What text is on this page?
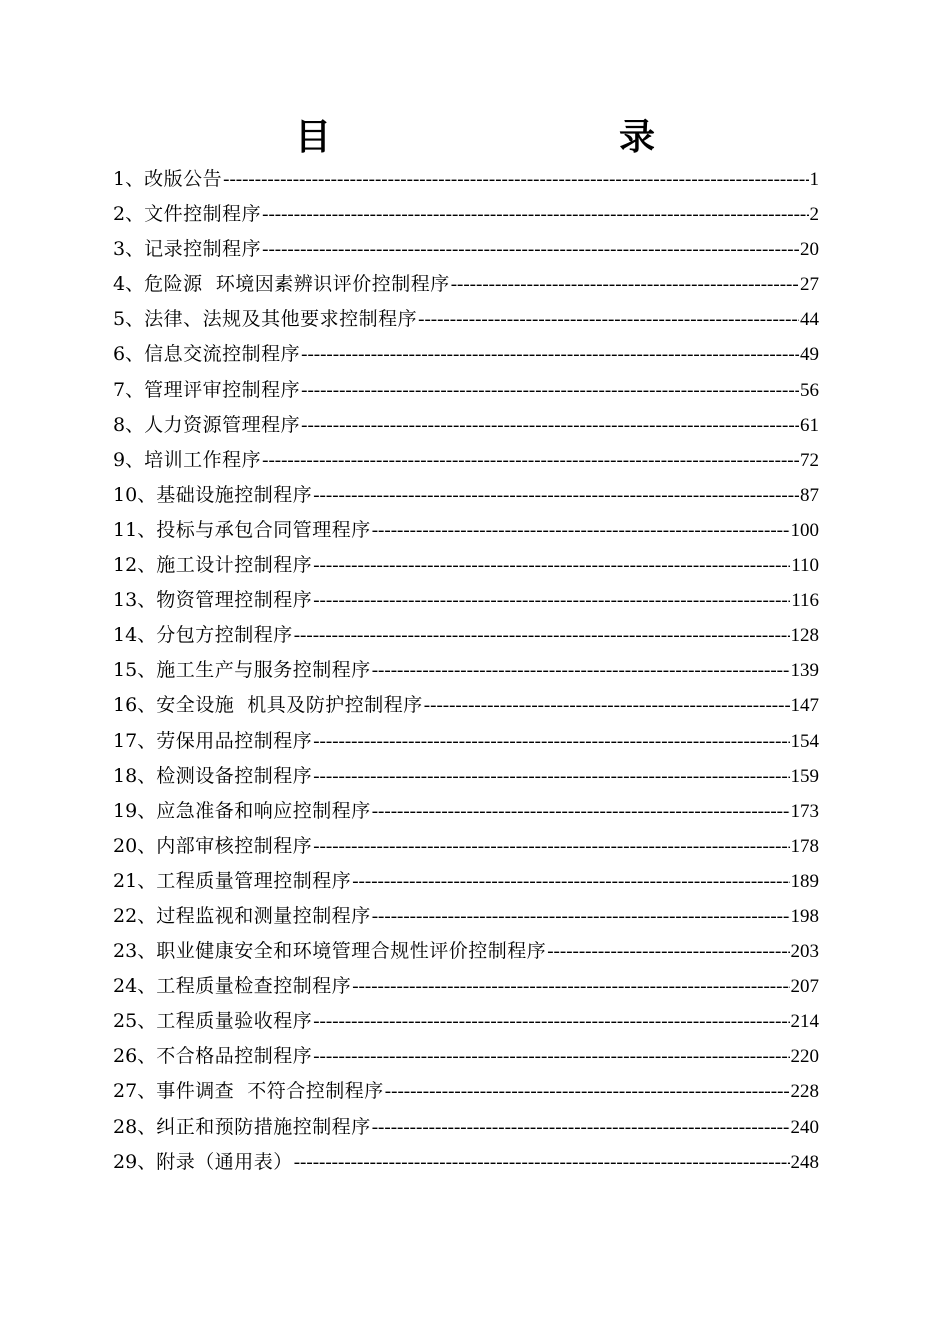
目　　录
1 、 改版公告 -----	1
2 、 文件控制程序 -----	2
3 、 记录控制程序 -----	20
4 、 危险源  环境因素辨识评价控制程序 -----	27
5 、 法律、法规及其他要求控制程序 -----	44
6 、 信息交流控制程序 -----	49
7 、 管理评审控制程序 -----	56
8 、 人力资源管理程序 -----	61
9 、 培训工作程序 -----	72
10 、 基础设施控制程序 -----	87
11 、 投标与承包合同管理程序 -----	100
12 、 施工设计控制程序 -----	110
13 、 物资管理控制程序 -----	116
14 、 分包方控制程序 -----	128
15 、 施工生产与服务控制程序 -----	139
16 、 安全设施  机具及防护控制程序 -----	147
17 、 劳保用品控制程序 -----	154
18 、 检测设备控制程序 -----	159
19 、 应急准备和响应控制程序 -----	173
20 、 内部审核控制程序 -----	178
21 、 工程质量管理控制程序 -----	189
22 、 过程监视和测量控制程序 -----	198
23 、 职业健康安全和环境管理合规性评价控制程序 -----	203
24 、 工程质量检查控制程序 -----	207
25 、 工程质量验收程序 -----	214
26 、 不合格品控制程序 -----	220
27 、 事件调查  不符合控制程序 -----	228
28 、 纠正和预防措施控制程序 -----	240
29 、 附录（通用表） -----	248
